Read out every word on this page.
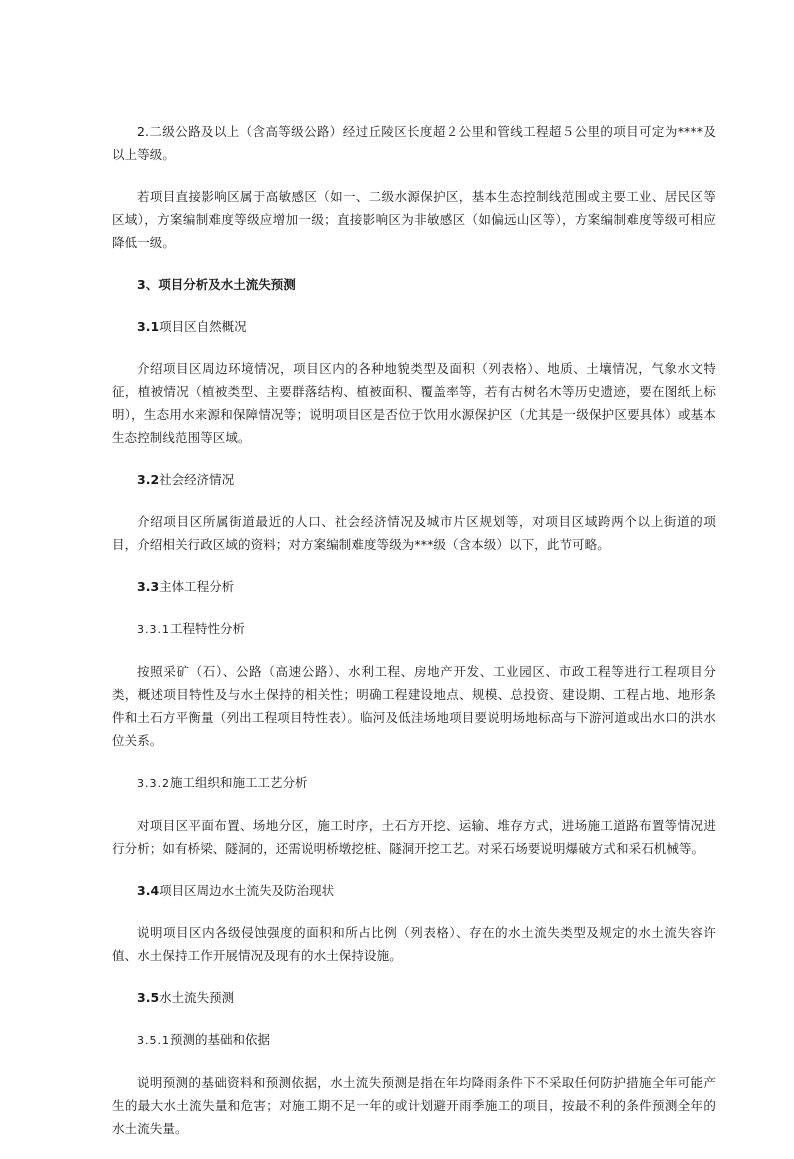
2.二级公路及以上（含高等级公路）经过丘陵区长度超２公里和管线工程超５公里的项目可定为****及以上等级。

若项目直接影响区属于高敏感区（如一、二级水源保护区，基本生态控制线范围或主要工业、居民区等区域），方案编制难度等级应增加一级；直接影响区为非敏感区（如偏远山区等），方案编制难度等级可相应降低一级。

3、项目分析及水土流失预测

3.1项目区自然概况

介绍项目区周边环境情况，项目区内的各种地貌类型及面积（列表格）、地质、土壤情况，气象水文特征，植被情况（植被类型、主要群落结构、植被面积、覆盖率等，若有古树名木等历史遗迹，要在图纸上标明），生态用水来源和保障情况等；说明项目区是否位于饮用水源保护区（尤其是一级保护区要具体）或基本生态控制线范围等区域。

3.2社会经济情况

介绍项目区所属街道最近的人口、社会经济情况及城市片区规划等，对项目区域跨两个以上街道的项目，介绍相关行政区域的资料；对方案编制难度等级为***级（含本级）以下，此节可略。

3.3主体工程分析

3.3.1工程特性分析

按照采矿（石）、公路（高速公路）、水利工程、房地产开发、工业园区、市政工程等进行工程项目分类，概述项目特性及与水土保持的相关性；明确工程建设地点、规模、总投资、建设期、工程占地、地形条件和土石方平衡量（列出工程项目特性表）。临河及低洼场地项目要说明场地标高与下游河道或出水口的洪水位关系。

3.3.2施工组织和施工工艺分析

对项目区平面布置、场地分区，施工时序，土石方开挖、运输、堆存方式，进场施工道路布置等情况进行分析；如有桥梁、隧洞的，还需说明桥墩挖桩、隧洞开挖工艺。对采石场要说明爆破方式和采石机械等。

3.4项目区周边水土流失及防治现状

说明项目区内各级侵蚀强度的面积和所占比例（列表格）、存在的水土流失类型及规定的水土流失容许值、水土保持工作开展情况及现有的水土保持设施。

3.5水土流失预测

3.5.1预测的基础和依据

说明预测的基础资料和预测依据，水土流失预测是指在年均降雨条件下不采取任何防护措施全年可能产生的最大水土流失量和危害；对施工期不足一年的或计划避开雨季施工的项目，按最不利的条件预测全年的水土流失量。
